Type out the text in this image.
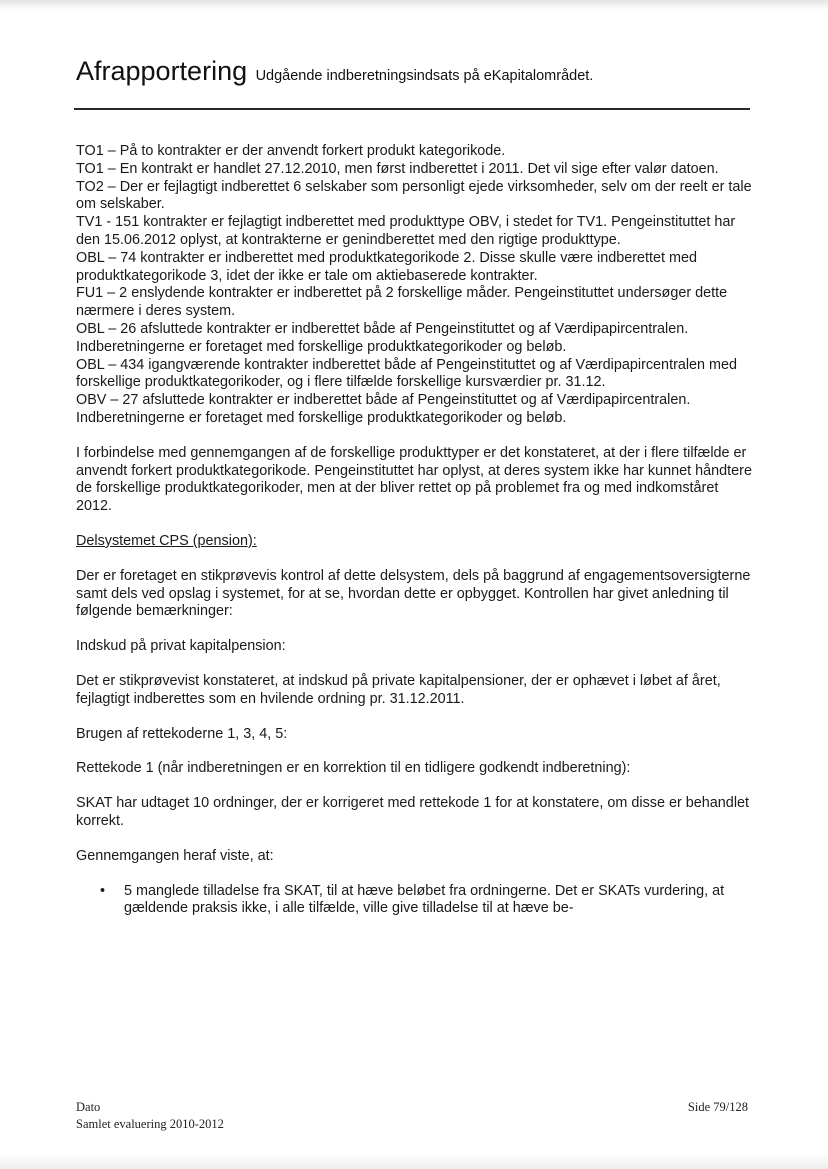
Afrapportering Udgående indberetningsindsats på eKapitalområdet.

TO1 – På to kontrakter er der anvendt forkert produkt kategorikode.

TO1 – En kontrakt er handlet 27.12.2010, men først indberettet i 2011. Det vil sige efter valør datoen.

TO2 – Der er fejlagtigt indberettet 6 selskaber som personligt ejede virksomheder, selv om der reelt er tale om selskaber.

TV1 - 151 kontrakter er fejlagtigt indberettet med produkttype OBV, i stedet for TV1. Pengeinstituttet har den 15.06.2012 oplyst, at kontrakterne er genindberettet med den rigtige produkttype.

OBL – 74 kontrakter er indberettet med produktkategorikode 2. Disse skulle være indberettet med produktkategorikode 3, idet der ikke er tale om aktiebaserede kontrakter.

FU1 – 2 enslydende kontrakter er indberettet på 2 forskellige måder. Pengeinstituttet undersøger dette nærmere i deres system.

OBL – 26 afsluttede kontrakter er indberettet både af Pengeinstituttet og af Værdipapircentralen. Indberetningerne er foretaget med forskellige produktkategorikoder og beløb.

OBL – 434 igangværende kontrakter indberettet både af Pengeinstituttet og af Værdipapircentralen med forskellige produktkategorikoder, og i flere tilfælde forskellige kursværdier pr. 31.12.

OBV – 27 afsluttede kontrakter er indberettet både af Pengeinstituttet og af Værdipapircentralen. Indberetningerne er foretaget med forskellige produktkategorikoder og beløb.

I forbindelse med gennemgangen af de forskellige produkttyper er det konstateret, at der i flere tilfælde er anvendt forkert produktkategorikode. Pengeinstituttet har oplyst, at deres system ikke har kunnet håndtere de forskellige produktkategorikoder, men at der bliver rettet op på problemet fra og med indkomståret 2012.

Delsystemet CPS (pension):

Der er foretaget en stikprøvevis kontrol af dette delsystem, dels på baggrund af engagementsoversigterne samt dels ved opslag i systemet, for at se, hvordan dette er opbygget. Kontrollen har givet anledning til følgende bemærkninger:

Indskud på privat kapitalpension:

Det er stikprøvevist konstateret, at indskud på private kapitalpensioner, der er ophævet i løbet af året, fejlagtigt indberettes som en hvilende ordning pr. 31.12.2011.

Brugen af rettekoderne 1, 3, 4, 5:

Rettekode 1 (når indberetningen er en korrektion til en tidligere godkendt indberetning):

SKAT har udtaget 10 ordninger, der er korrigeret med rettekode 1 for at konstatere, om disse er behandlet korrekt.

Gennemgangen heraf viste, at:

• 5 manglede tilladelse fra SKAT, til at hæve beløbet fra ordningerne. Det er SKATs vurdering, at gældende praksis ikke, i alle tilfælde, ville give tilladelse til at hæve be-
Dato
Samlet evaluering 2010-2012
Side 79/128
